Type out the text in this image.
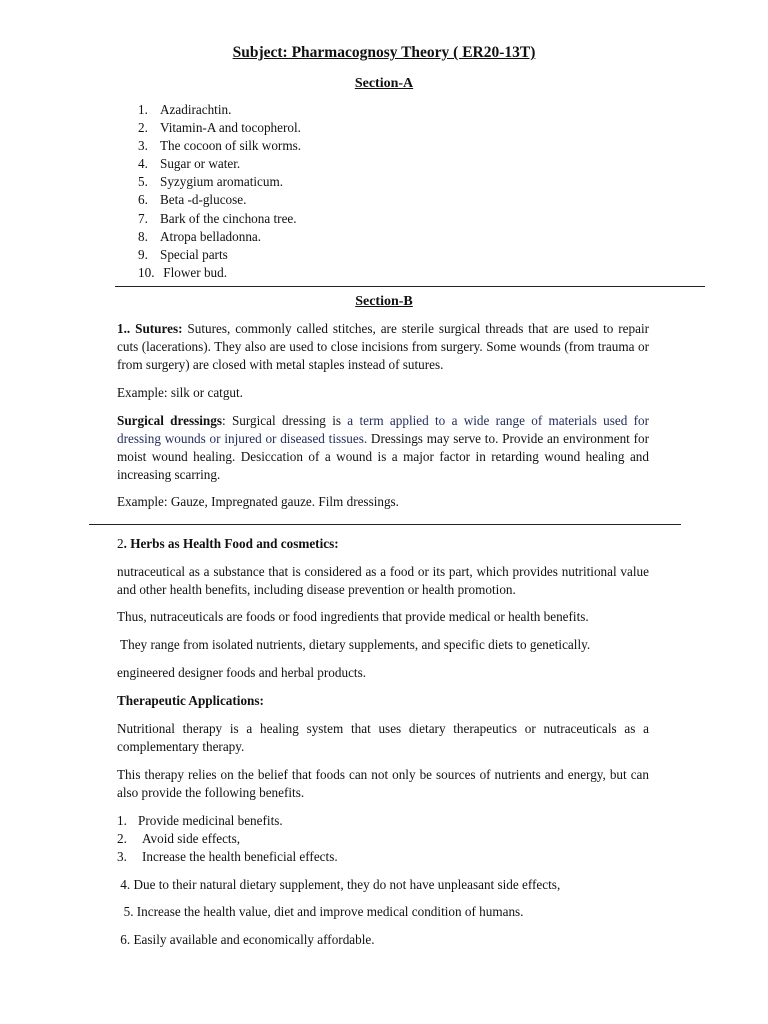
Subject: Pharmacognosy Theory ( ER20-13T)
Section-A
1. Azadirachtin.
2. Vitamin-A and tocopherol.
3. The cocoon of silk worms.
4. Sugar or water.
5. Syzygium aromaticum.
6. Beta -d-glucose.
7. Bark of the cinchona tree.
8. Atropa belladonna.
9. Special parts
10. Flower bud.
Section-B
1.. Sutures: Sutures, commonly called stitches, are sterile surgical threads that are used to repair cuts (lacerations). They also are used to close incisions from surgery. Some wounds (from trauma or from surgery) are closed with metal staples instead of sutures.
Example: silk or catgut.
Surgical dressings: Surgical dressing is a term applied to a wide range of materials used for dressing wounds or injured or diseased tissues. Dressings may serve to. Provide an environment for moist wound healing. Desiccation of a wound is a major factor in retarding wound healing and increasing scarring.
Example: Gauze, Impregnated gauze. Film dressings.
2. Herbs as Health Food and cosmetics:
nutraceutical as a substance that is considered as a food or its part, which provides nutritional value and other health benefits, including disease prevention or health promotion.
Thus, nutraceuticals are foods or food ingredients that provide medical or health benefits.
They range from isolated nutrients, dietary supplements, and specific diets to genetically.
engineered designer foods and herbal products.
Therapeutic Applications:
Nutritional therapy is a healing system that uses dietary therapeutics or nutraceuticals as a complementary therapy.
This therapy relies on the belief that foods can not only be sources of nutrients and energy, but can also provide the following benefits.
1. Provide medicinal benefits.
2. Avoid side effects,
3. Increase the health beneficial effects.
4. Due to their natural dietary supplement, they do not have unpleasant side effects,
5. Increase the health value, diet and improve medical condition of humans.
6. Easily available and economically affordable.
